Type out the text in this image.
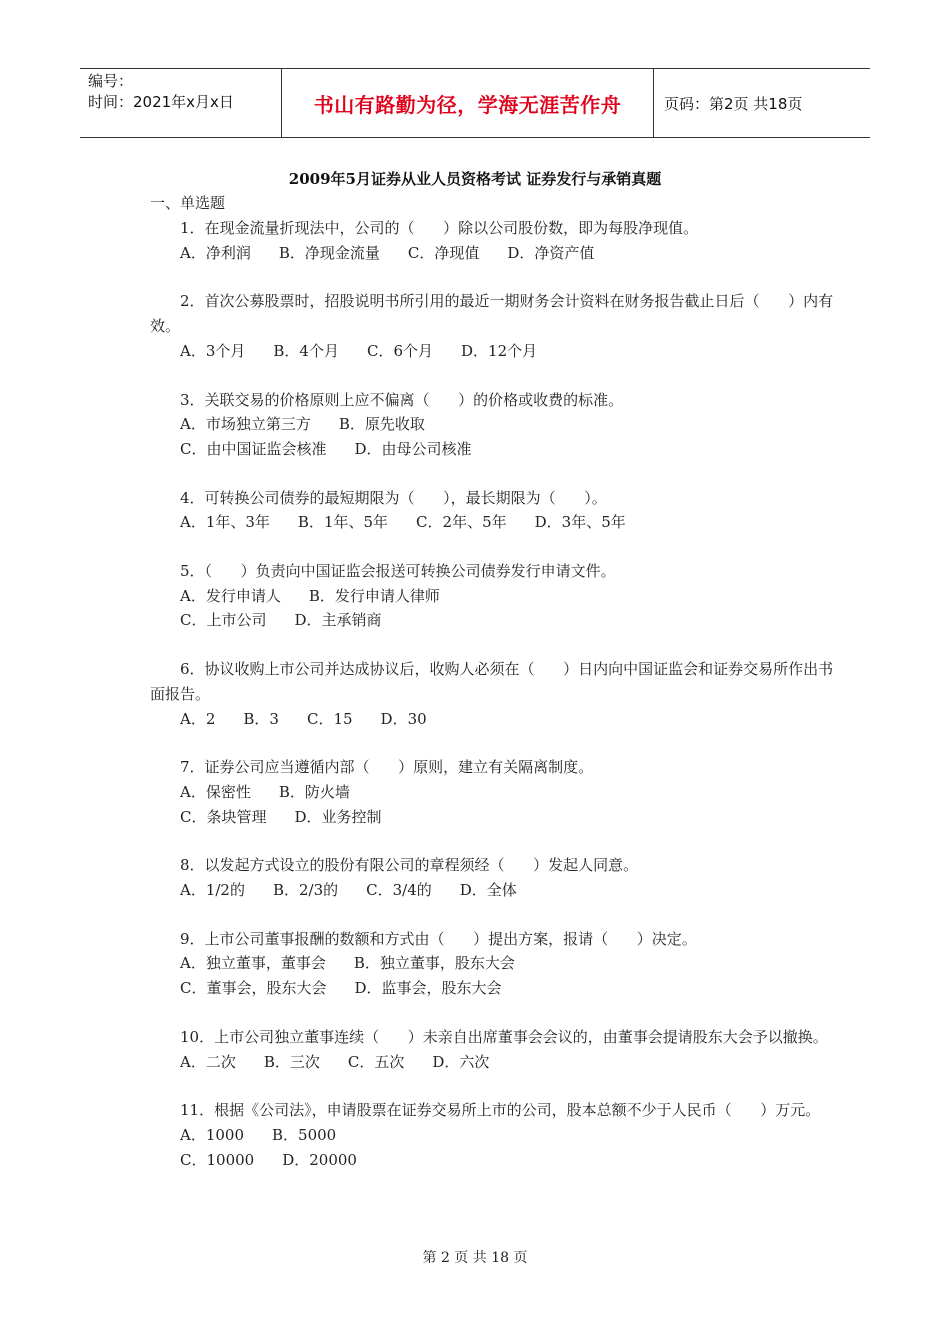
编号：
时间：2021年x月x日	书山有路勤为径，学海无涯苦作舟	页码：第2页 共18页
2009年5月证券从业人员资格考试 证券发行与承销真题
一、单选题
1．在现金流量折现法中，公司的（      ）除以公司股份数，即为每股净现值。
A．净利润 B．净现金流量 C．净现值 D．净资产值
2．首次公募股票时，招股说明书所引用的最近一期财务会计资料在财务报告截止日后（      ）内有效。
A．3个月 B．4个月 C．6个月 D．12个月
3．关联交易的价格原则上应不偏离（      ）的价格或收费的标准。
A．市场独立第三方 B．原先收取
C．由中国证监会核准 D．由母公司核准
4．可转换公司债券的最短期限为（      ），最长期限为（      ）。
A．1年、3年 B．1年、5年 C．2年、5年 D．3年、5年
5．（      ）负责向中国证监会报送可转换公司债券发行申请文件。
A．发行申请人 B．发行申请人律师
C．上市公司 D．主承销商
6．协议收购上市公司并达成协议后，收购人必须在（      ）日内向中国证监会和证券交易所作出书面报告。
A．2 B．3 C．15 D．30
7．证券公司应当遵循内部（      ）原则，建立有关隔离制度。
A．保密性 B．防火墙
C．条块管理 D．业务控制
8．以发起方式设立的股份有限公司的章程须经（      ）发起人同意。
A．1/2的 B．2/3的 C．3/4的 D．全体
9．上市公司董事报酬的数额和方式由（      ）提出方案，报请（      ）决定。
A．独立董事，董事会 B．独立董事，股东大会
C．董事会，股东大会 D．监事会，股东大会
10．上市公司独立董事连续（      ）未亲自出席董事会会议的，由董事会提请股东大会予以撤换。
A．二次 B．三次 C．五次 D．六次
11．根据《公司法》，申请股票在证券交易所上市的公司，股本总额不少于人民币（      ）万元。
A．1000 B．5000
C．10000 D．20000
第 2 页 共 18 页
